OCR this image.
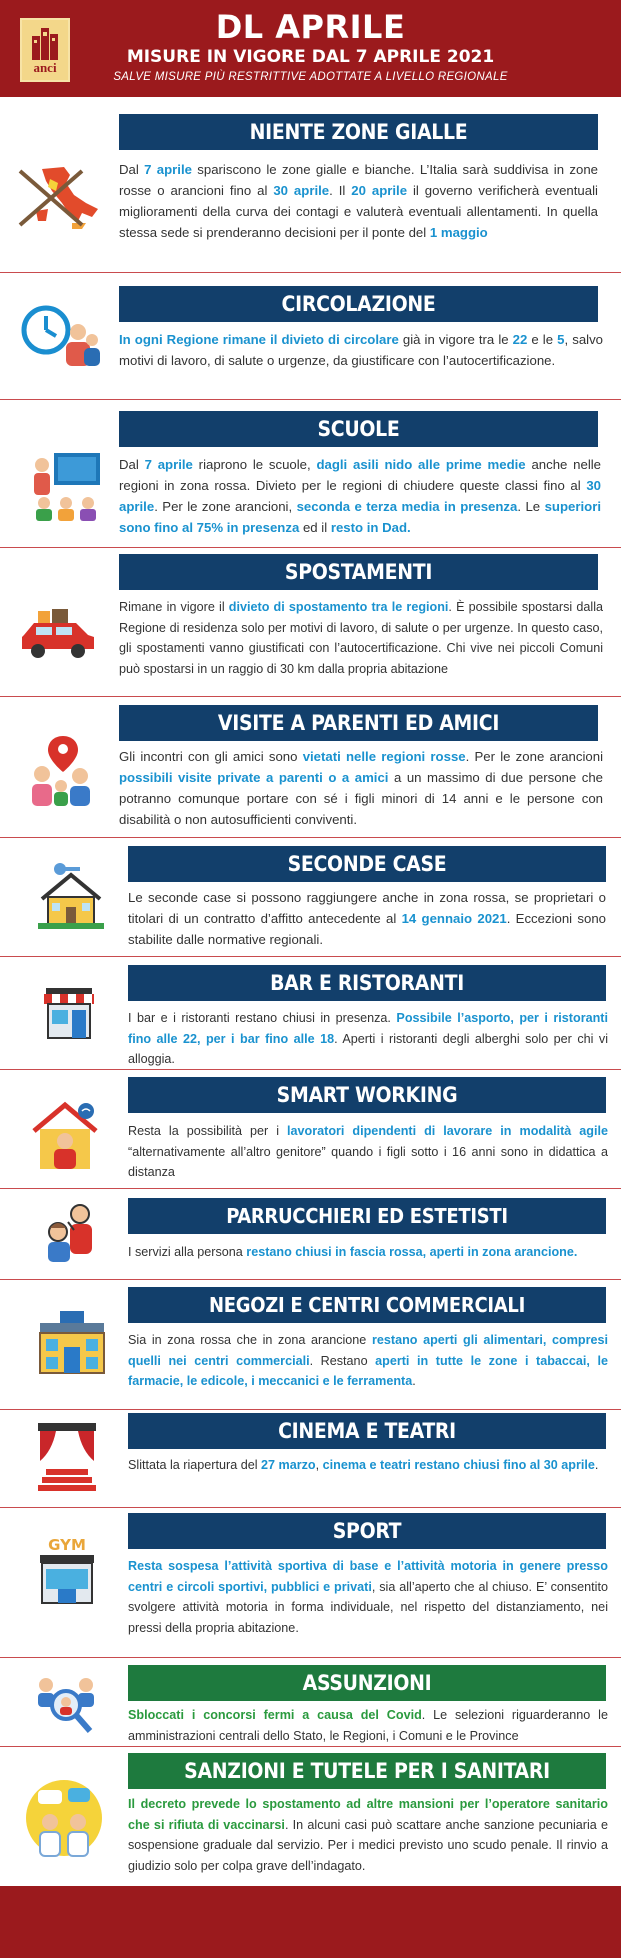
anci
DL APRILE
MISURE IN VIGORE DAL 7 APRILE 2021
SALVE MISURE PIÙ RESTRITTIVE ADOTTATE A LIVELLO REGIONALE
NIENTE ZONE GIALLE
Dal 7 aprile spariscono le zone gialle e bianche. L’Italia sarà suddivisa in zone rosse o arancioni fino al 30 aprile. Il 20 aprile il governo verificherà eventuali miglioramenti della curva dei contagi e valuterà eventuali allentamenti. In quella stessa sede si prenderanno decisioni per il ponte del 1 maggio
CIRCOLAZIONE
In ogni Regione rimane il divieto di circolare già in vigore tra le 22 e le 5, salvo motivi di lavoro, di salute o urgenze, da giustificare con l’autocertificazione.
SCUOLE
Dal 7 aprile riaprono le scuole, dagli asili nido alle prime medie anche nelle regioni in zona rossa. Divieto per le regioni di chiudere queste classi fino al 30 aprile. Per le zone arancioni, seconda e terza media in presenza. Le superiori sono fino al 75% in presenza ed il resto in Dad.
SPOSTAMENTI
Rimane in vigore il divieto di spostamento tra le regioni. È possibile spostarsi dalla Regione di residenza solo per motivi di lavoro, di salute o per urgenze. In questo caso, gli spostamenti vanno giustificati con l’autocertificazione. Chi vive nei piccoli Comuni può spostarsi in un raggio di 30 km dalla propria abitazione
VISITE A PARENTI ED AMICI
Gli incontri con gli amici sono vietati nelle regioni rosse. Per le zone arancioni possibili visite private a parenti o a amici a un massimo di due persone che potranno comunque portare con sé i figli minori di 14 anni e le persone con disabilità o non autosufficienti conviventi.
SECONDE CASE
Le seconde case si possono raggiungere anche in zona rossa, se proprietari o titolari di un contratto d’affitto antecedente al 14 gennaio 2021. Eccezioni sono stabilite dalle normative regionali.
BAR E RISTORANTI
I bar e i ristoranti restano chiusi in presenza. Possibile l’asporto, per i ristoranti fino alle 22, per i bar fino alle 18. Aperti i ristoranti degli alberghi solo per chi vi alloggia.
SMART WORKING
Resta la possibilità per i lavoratori dipendenti di lavorare in modalità agile “alternativamente all’altro genitore” quando i figli sotto i 16 anni sono in didattica a distanza
PARRUCCHIERI ED ESTETISTI
I servizi alla persona restano chiusi in fascia rossa, aperti in zona arancione.
NEGOZI E CENTRI COMMERCIALI
Sia in zona rossa che in zona arancione restano aperti gli alimentari, compresi quelli nei centri commerciali. Restano aperti in tutte le zone i tabaccai, le farmacie, le edicole, i meccanici e le ferramenta.
CINEMA E TEATRI
Slittata la riapertura del 27 marzo, cinema e teatri restano chiusi fino al 30 aprile.
GYM
SPORT
Resta sospesa l’attività sportiva di base e l’attività motoria in genere presso centri e circoli sportivi, pubblici e privati, sia all’aperto che al chiuso. E’ consentito svolgere attività motoria in forma individuale, nel rispetto del distanziamento, nei pressi della propria abitazione.
ASSUNZIONI
Sbloccati i concorsi fermi a causa del Covid. Le selezioni riguarderanno le amministrazioni centrali dello Stato, le Regioni, i Comuni e le Province
SANZIONI E TUTELE PER I SANITARI
Il decreto prevede lo spostamento ad altre mansioni per l’operatore sanitario che si rifiuta di vaccinarsi. In alcuni casi può scattare anche sanzione pecuniaria e sospensione graduale dal servizio. Per i medici previsto uno scudo penale. Il rinvio a giudizio solo per colpa grave dell’indagato.
